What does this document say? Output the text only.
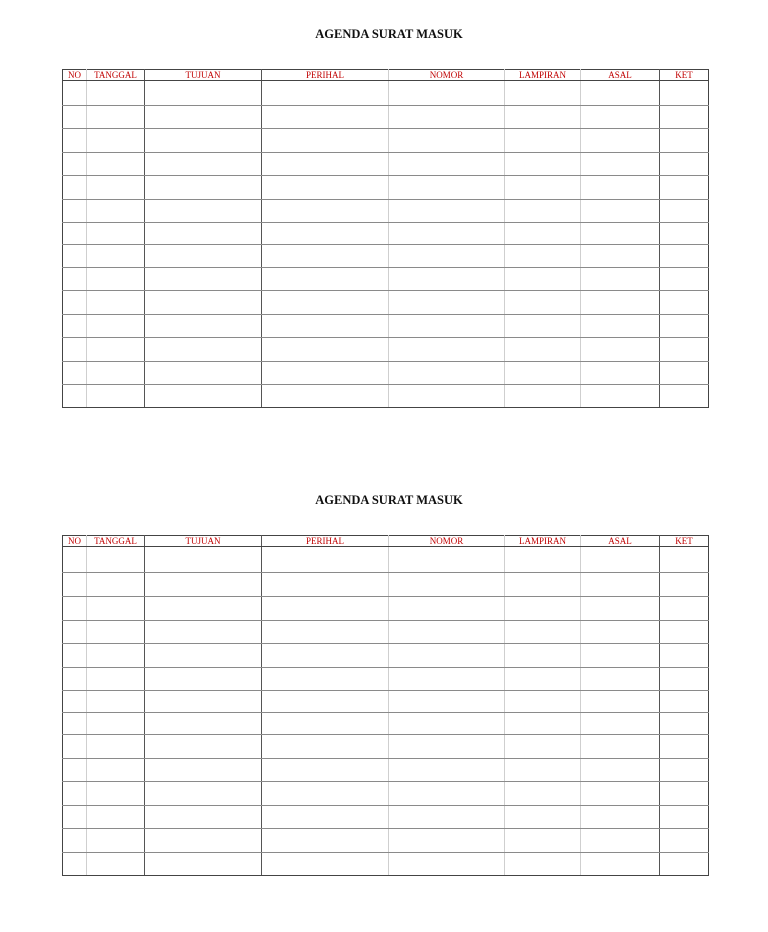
AGENDA SURAT MASUK
NO	TANGGAL	TUJUAN	PERIHAL	NOMOR	LAMPIRAN	ASAL	KET

AGENDA SURAT MASUK
NO	TANGGAL	TUJUAN	PERIHAL	NOMOR	LAMPIRAN	ASAL	KET
